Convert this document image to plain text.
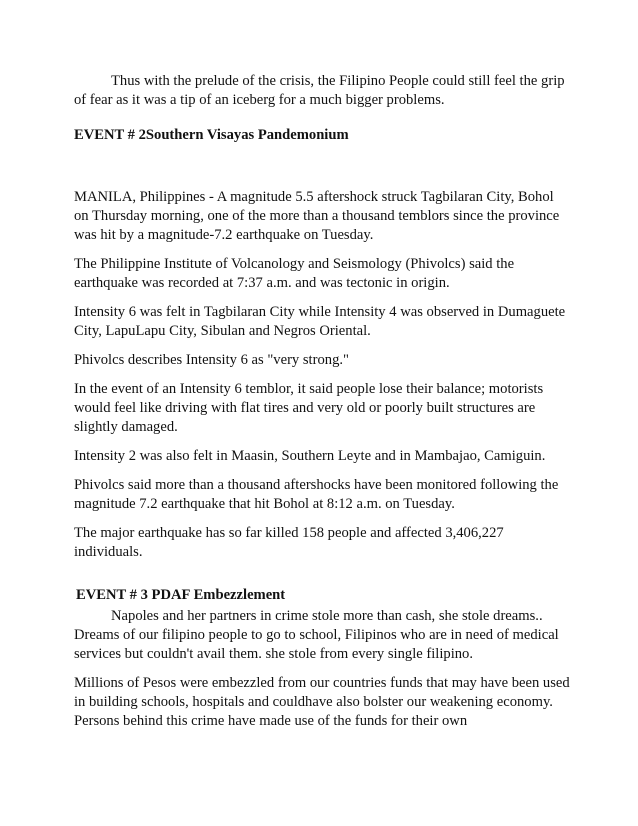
Thus with the prelude of the crisis, the Filipino People could still feel the grip of fear as it was a tip of an iceberg for a much bigger problems.

EVENT # 2Southern Visayas Pandemonium

MANILA, Philippines - A magnitude 5.5 aftershock struck Tagbilaran City, Bohol on Thursday morning, one of the more than a thousand temblors since the province was hit by a magnitude-7.2 earthquake on Tuesday.

The Philippine Institute of Volcanology and Seismology (Phivolcs) said the earthquake was recorded at 7:37 a.m. and was tectonic in origin.

Intensity 6 was felt in Tagbilaran City while Intensity 4 was observed in Dumaguete City, LapuLapu City, Sibulan and Negros Oriental.

Phivolcs describes Intensity 6 as "very strong."

In the event of an Intensity 6 temblor, it said people lose their balance; motorists would feel like driving with flat tires and very old or poorly built structures are slightly damaged.

Intensity 2 was also felt in Maasin, Southern Leyte and in Mambajao, Camiguin.

Phivolcs said more than a thousand aftershocks have been monitored following the magnitude 7.2 earthquake that hit Bohol at 8:12 a.m. on Tuesday.

The major earthquake has so far killed 158 people and affected 3,406,227 individuals.

EVENT # 3 PDAF Embezzlement

Napoles and her partners in crime stole more than cash, she stole dreams.. Dreams of our filipino people to go to school, Filipinos who are in need of medical services but couldn't avail them. she stole from every single filipino.

Millions of Pesos were embezzled from our countries funds that may have been used in building schools, hospitals and couldhave also bolster our weakening economy. Persons behind this crime have made use of the funds for their own
